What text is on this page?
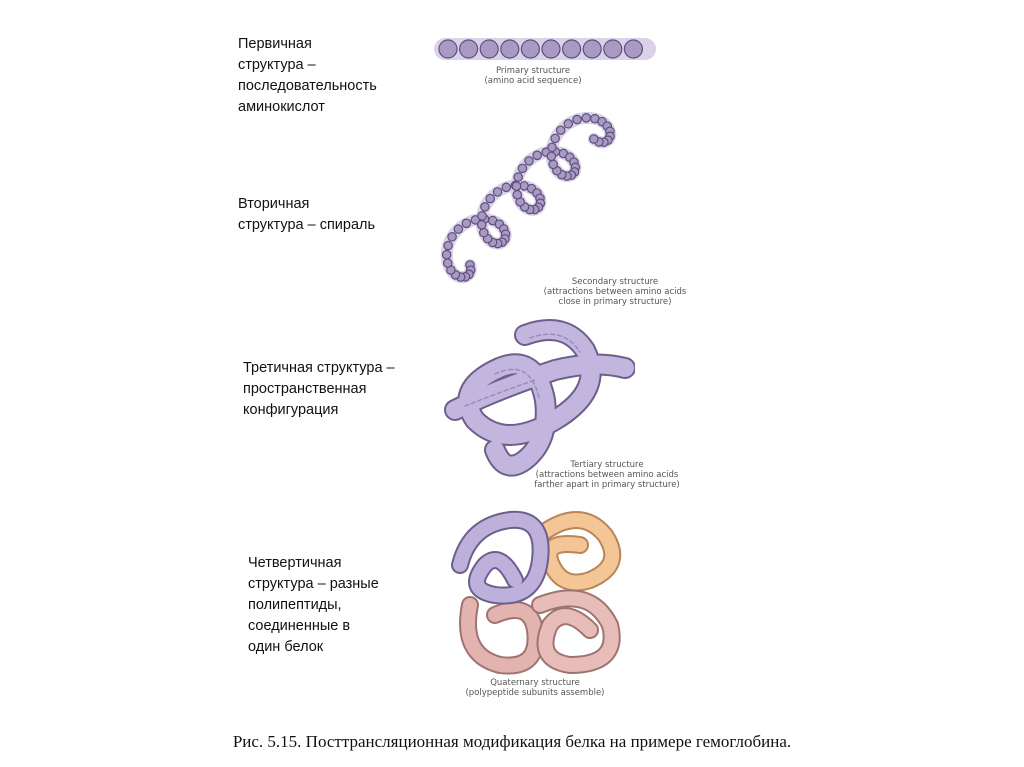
Первичная
структура –
последовательность
аминокислот
Вторичная
структура – спираль
Третичная структура –
пространственная
конфигурация
Четвертичная
структура – разные
полипептиды,
соединенные в
один белок
Primary structure
(amino acid sequence)
Secondary structure
(attractions between amino acids
close in primary structure)
Tertiary structure
(attractions between amino acids
farther apart in primary structure)
Quaternary structure
(polypeptide subunits assemble)
Рис. 5.15. Посттрансляционная модификация белка на примере гемоглобина.
